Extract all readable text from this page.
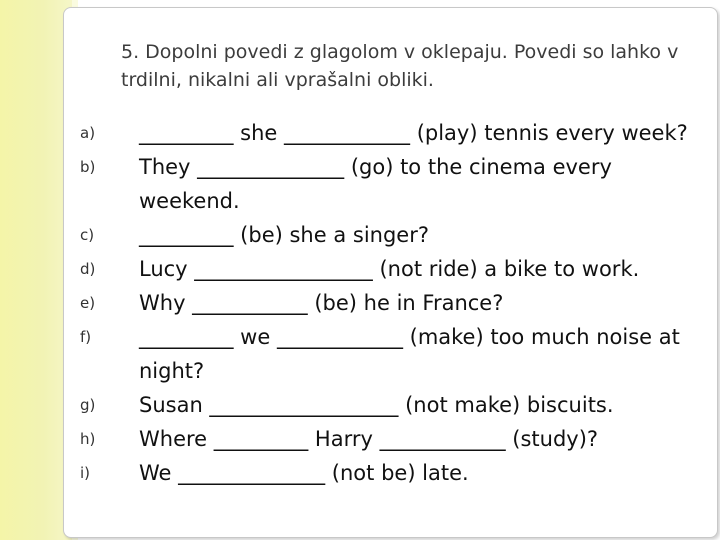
5. Dopolni povedi z glagolom v oklepaju. Povedi so lahko v trdilni, nikalni ali vprašalni obliki.

a)	_________ she ____________ (play) tennis every week?
b)	They ______________ (go) to the cinema every weekend.
c)	_________ (be) she a singer?
d)	Lucy _________________ (not ride) a bike to work.
e)	Why ___________ (be) he in France?
f)	_________ we ____________ (make) too much noise at night?
g)	Susan __________________ (not make) biscuits.
h)	Where _________ Harry ____________ (study)?
i)	We ______________ (not be) late.
